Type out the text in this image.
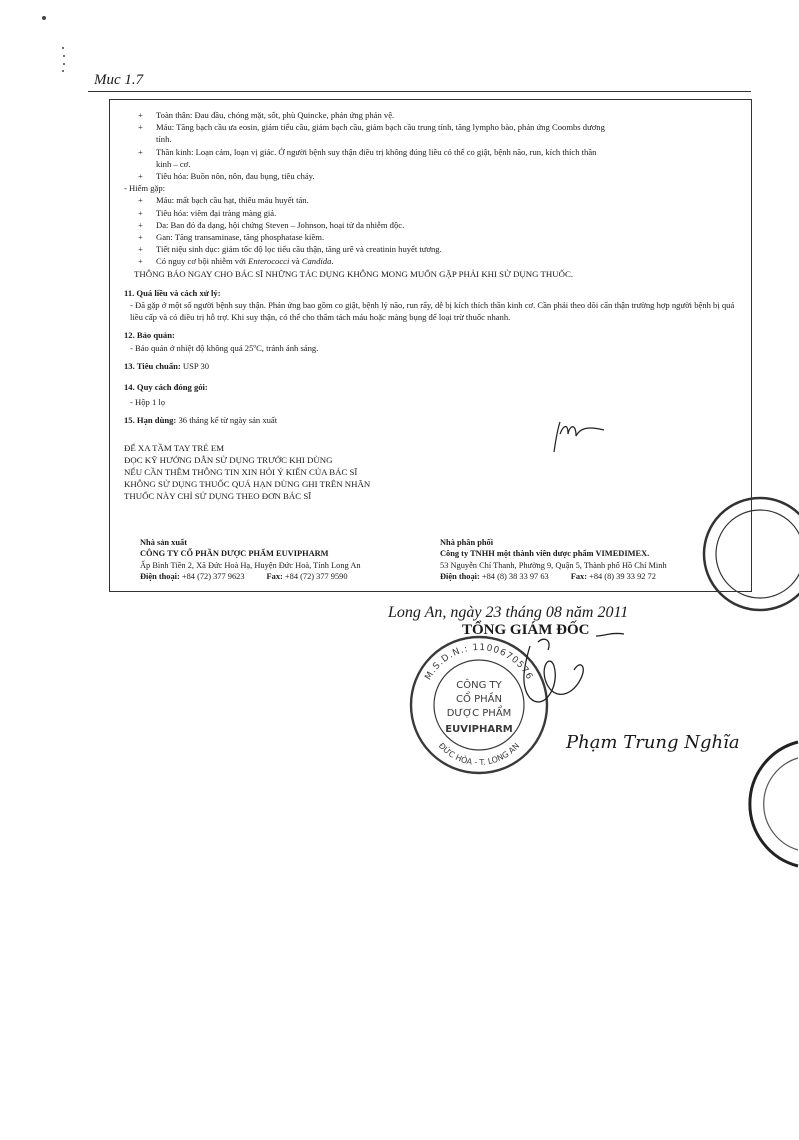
Muc 1.7
+ Toàn thân: Đau đầu, chóng mặt, sốt, phù Quincke, phản ứng phản vệ.
+ Máu: Tăng bạch cầu ưa eosin, giảm tiểu cầu, giảm bạch cầu, giảm bạch cầu trung tính, tăng lympho bào, phản ứng Coombs dương
tính.
+ Thần kinh: Loạn cảm, loạn vị giác. Ở người bệnh suy thận điều trị không đúng liều có thể co giật, bệnh não, run, kích thích thần
kinh – cơ.
+ Tiêu hóa: Buồn nôn, nôn, đau bụng, tiêu chảy.
- Hiếm gặp:
+ Máu: mất bạch cầu hạt, thiếu máu huyết tán.
+ Tiêu hóa: viêm đại tràng màng giả.
+ Da: Ban đỏ đa dạng, hội chứng Steven – Johnson, hoại tử da nhiễm độc.
+ Gan: Tăng transaminase, tăng phosphatase kiềm.
+ Tiết niệu sinh dục: giảm tốc độ lọc tiểu cầu thận, tăng urê và creatinin huyết tương.
+ Có nguy cơ bội nhiễm với Enterococci và Candida.
THÔNG BÁO NGAY CHO BÁC SĨ NHỮNG TÁC DỤNG KHÔNG MONG MUỐN GẶP PHẢI KHI SỬ DỤNG THUỐC.
11. Quá liều và cách xử lý:
- Đã gặp ở một số người bệnh suy thận. Phản ứng bao gồm co giật, bệnh lý não, run rẩy, dễ bị kích thích thần kinh cơ. Cần phải theo dõi cẩn thận trường hợp người bệnh bị quá liều cấp và có điều trị hỗ trợ. Khi suy thận, có thể cho thẩm tách máu hoặc màng bụng để loại trừ thuốc nhanh.
12. Bảo quản:
- Bảo quản ở nhiệt độ không quá 25ºC, tránh ánh sáng.
13. Tiêu chuẩn: USP 30
14. Quy cách đóng gói:
- Hộp 1 lọ
15. Hạn dùng: 36 tháng kể từ ngày sản xuất
ĐỂ XA TẦM TAY TRẺ EM
ĐỌC KỸ HƯỚNG DẪN SỬ DỤNG TRƯỚC KHI DÙNG
NẾU CẦN THÊM THÔNG TIN XIN HỎI Ý KIẾN CỦA BÁC SĨ
KHÔNG SỬ DỤNG THUỐC QUÁ HẠN DÙNG GHI TRÊN NHÃN
THUỐC NÀY CHỈ SỬ DỤNG THEO ĐƠN BÁC SĨ
Nhà sản xuất
CÔNG TY CỔ PHẦN DƯỢC PHẨM EUVIPHARM
Ấp Bình Tiền 2, Xã Đức Hoà Hạ, Huyện Đức Hoà, Tỉnh Long An
Điện thoại: +84 (72) 377 9623	Fax: +84 (72) 377 9590
Nhà phân phối
Công ty TNHH một thành viên dược phẩm VIMEDIMEX.
53 Nguyễn Chí Thanh, Phường 9, Quận 5, Thành phố Hồ Chí Minh
Điện thoại: +84 (8) 38 33 97 63	Fax: +84 (8) 39 33 92 72
Long An, ngày 23 tháng 08 năm 2011
TỔNG GIÁM ĐỐC
M.S.D.N.: 1100670576
ĐỨC HÒA - T. LONG AN
CÔNG TY
CỔ PHẦN
DƯỢC PHẨM
EUVIPHARM
Phạm Trung Nghĩa
